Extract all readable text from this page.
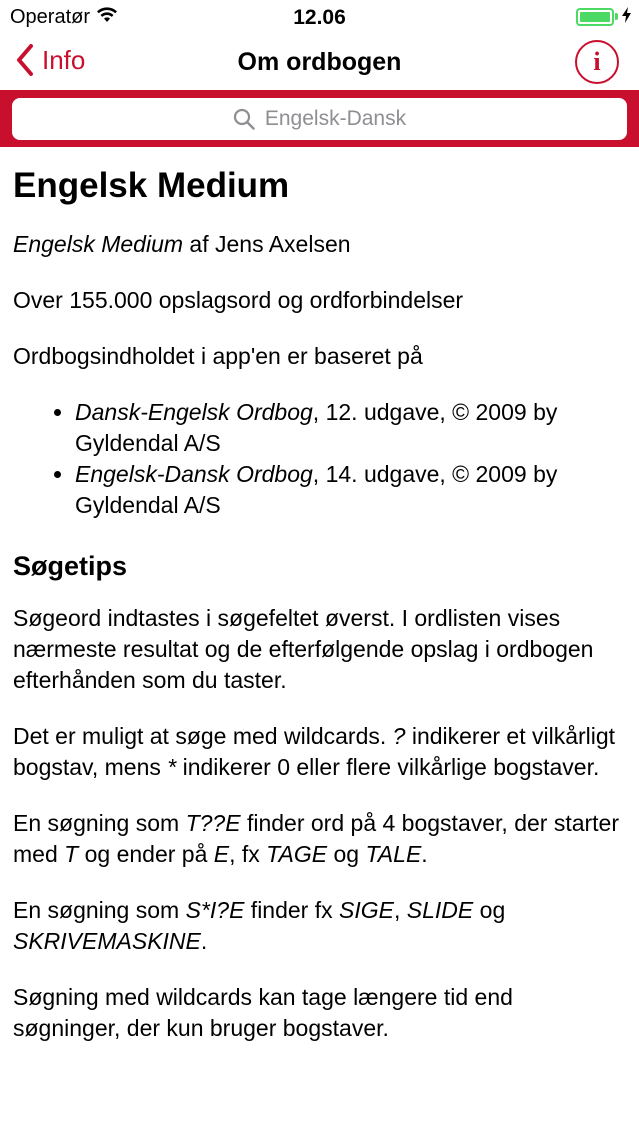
Operatør	12.06
Info	Om ordbogen	i
Engelsk-Dansk
Engelsk Medium

Engelsk Medium af Jens Axelsen

Over 155.000 opslagsord og ordforbindelser

Ordbogsindholdet i app'en er baseret på

• Dansk-Engelsk Ordbog, 12. udgave, © 2009 by Gyldendal A/S
• Engelsk-Dansk Ordbog, 14. udgave, © 2009 by Gyldendal A/S
Søgetips

Søgeord indtastes i søgefeltet øverst. I ordlisten vises nærmeste resultat og de efterfølgende opslag i ordbogen efterhånden som du taster.

Det er muligt at søge med wildcards. ? indikerer et vilkårligt bogstav, mens * indikerer 0 eller flere vilkårlige bogstaver.

En søgning som T??E finder ord på 4 bogstaver, der starter med T og ender på E, fx TAGE og TALE.

En søgning som S*I?E finder fx SIGE, SLIDE og SKRIVEMASKINE.

Søgning med wildcards kan tage længere tid end søgninger, der kun bruger bogstaver.
